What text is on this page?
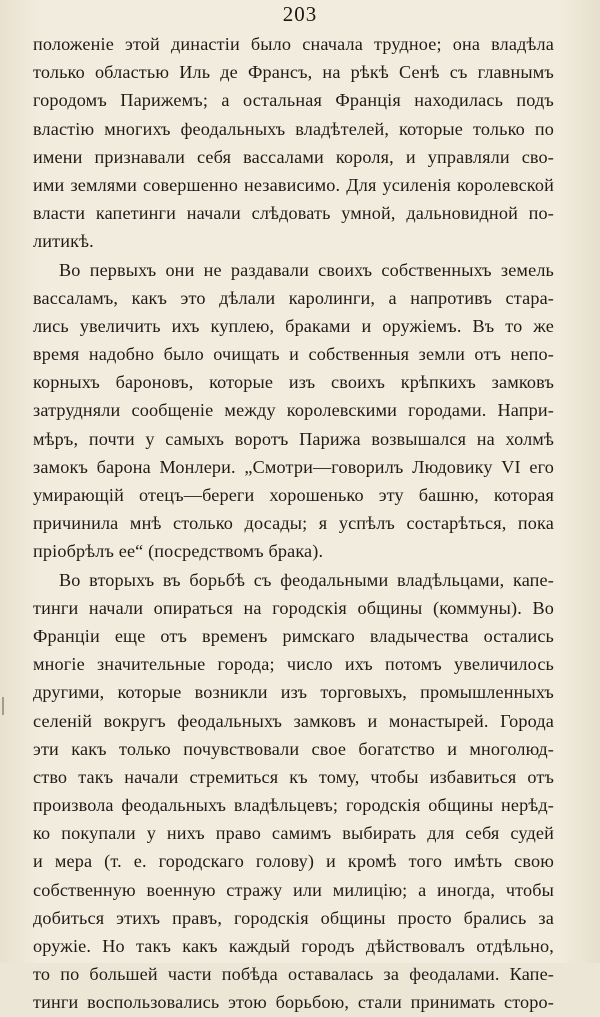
203
положеніе этой династіи было сначала трудное; она владѣла
только областью Иль де Франсъ, на рѣкѣ Сенѣ съ главнымъ
городомъ Парижемъ; а остальная Франція находилась подъ
властію многихъ феодальныхъ владѣтелей, которые только по
имени признавали себя вассалами короля, и управляли сво-
ими землями совершенно независимо. Для усиленія королевской
власти капетинги начали слѣдовать умной, дальновидной по-
литикѣ.
Во первыхъ они не раздавали своихъ собственныхъ земель
вассаламъ, какъ это дѣлали каролинги, а напротивъ стара-
лись увеличить ихъ куплею, браками и оружіемъ. Въ то же
время надобно было очищать и собственныя земли отъ непо-
корныхъ бароновъ, которые изъ своихъ крѣпкихъ замковъ
затрудняли сообщеніе между королевскими городами. Напри-
мѣръ, почти у самыхъ воротъ Парижа возвышался на холмѣ
замокъ барона Монлери. „Смотри—говорилъ Людовику VI его
умирающій отецъ—береги хорошенько эту башню, которая
причинила мнѣ столько досады; я успѣлъ состарѣться, пока
пріобрѣлъ ее“ (посредствомъ брака).
Во вторыхъ въ борьбѣ съ феодальными владѣльцами, капе-
тинги начали опираться на городскія общины (коммуны). Во
Франціи еще отъ временъ римскаго владычества остались
многіе значительные города; число ихъ потомъ увеличилось
другими, которые возникли изъ торговыхъ, промышленныхъ
селеній вокругъ феодальныхъ замковъ и монастырей. Города
эти какъ только почувствовали свое богатство и многолюд-
ство такъ начали стремиться къ тому, чтобы избавиться отъ
произвола феодальныхъ владѣльцевъ; городскія общины нерѣд-
ко покупали у нихъ право самимъ выбирать для себя судей
и мера (т. е. городскаго голову) и кромѣ того имѣть свою
собственную военную стражу или милицію; а иногда, чтобы
добиться этихъ правъ, городскія общины просто брались за
оружіе. Но такъ какъ каждый городъ дѣйствовалъ отдѣльно,
то по большей части побѣда оставалась за феодалами. Капе-
тинги воспользовались этою борьбою, стали принимать сторо-
